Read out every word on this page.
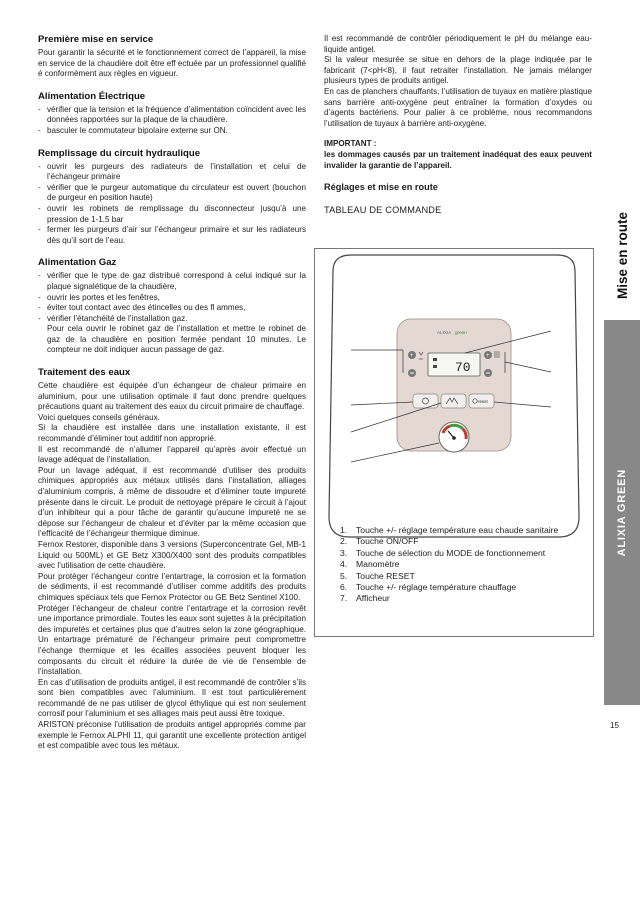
Première mise en service

Pour garantir la sécurité et le fonctionnement correct de l’appareil, la mise en service de la chaudière doit être eff ectuée par un professionnel qualifié é conformément aux règles en vigueur.

Alimentation Électrique
- vérifier que la tension et la fréquence d’alimentation coïncident avec les données rapportées sur la plaque de la chaudière.
- basculer le commutateur bipolaire externe sur ON.
Remplissage du circuit hydraulique
- ouvrir les purgeurs des radiateurs de l’installation et celui de l’échangeur primaire
- vérifier que le purgeur automatique du circulateur est ouvert (bouchon de purgeur en position haute)
- ouvrir les robinets de remplissage du disconnecteur jusqu’à une pression de 1-1,5 bar
- fermer les purgeurs d’air sur l’échangeur primaire et sur les radiateurs dès qu’il sort de l’eau.
Alimentation Gaz
- vérifier que le type de gaz distribué correspond à celui indiqué sur la plaque signalétique de la chaudière,
- ouvrir les portes et les fenêtres,
- éviter tout contact avec des étincelles ou des fl ammes,
- vérifier l’étanchéité de l’installation gaz.
Pour cela ouvrir le robinet gaz de l’installation et mettre le robinet de gaz de la chaudière en position fermée pendant 10 minutes. Le compteur ne doit indiquer aucun passage de gaz.
Traitement des eaux

Cette chaudière est équipée d’un échangeur de chaleur primaire en aluminium, pour une utilisation optimale il faut donc prendre quelques précautions quant au traitement des eaux du circuit primaire de chauffage.

Voici quelques conseils généraux.

Si la chaudière est installée dans une installation existante, il est recommandé d’éliminer tout additif non approprié.

Il est recommandé de n’allumer l’appareil qu’après avoir effectué un lavage adéquat de l’installation.

Pour un lavage adéquat, il est recommandé d’utiliser des produits chimiques appropriés aux métaux utilisés dans l’installation, alliages d’aluminium compris, à même de dissoudre et d’éliminer toute impureté présente dans le circuit. Le produit de nettoyage prépare le circuit à l’ajout d’un inhibiteur qui a pour tâche de garantir qu’aucune impureté ne se dépose sur l’échangeur de chaleur et d’éviter par la même occasion que l’efficacité de l’échangeur thermique diminue.

Fernox Restorer, disponible dans 3 versions (Superconcentrate Gel, MB-1 Liquid ou 500ML) et GE Betz X300/X400 sont des produits compatibles avec l’utilisation de cette chaudière.

Pour protéger l’échangeur contre l’entartrage, la corrosion et la formation de sédiments, il est recommandé d’utiliser comme additifs des produits chimiques spéciaux tels que Fernox Protector ou GE Betz Sentinel X100.

Protéger l’échangeur de chaleur contre l’entartrage et la corrosion revêt une importance primordiale. Toutes les eaux sont sujettes à la précipitation des impuretés et certaines plus que d’autres selon la zone géographique. Un entartrage prématuré de l’échangeur primaire peut compromettre l’échange thermique et les écailles associées peuvent bloquer les composants du circuit et réduire la durée de vie de l’ensemble de l’installation.

En cas d’utilisation de produits antigel, il est recommandé de contrôler s’ils sont bien compatibles avec l’aluminium. Il est tout particulièrement recommandé de ne pas utiliser de glycol éthylique qui est non seulement corrosif pour l’aluminium et ses alliages mais peut aussi être toxique.

ARISTON préconise l’utilisation de produits antigel appropriés comme par exemple le Fernox ALPHI 11, qui garantit une excellente protection antigel et est compatible avec tous les métaux.

Il est recommandé de contrôler périodiquement le pH du mélange eau-liquide antigel.

Si la valeur mesurée se situe en dehors de la plage indiquée par le fabricant (7<pH<8), il faut retraiter l’installation. Ne jamais mélanger plusieurs types de produits antigel.

En cas de planchers chauffants, l’utilisation de tuyaux en matière plastique sans barrière anti-oxygène peut entraîner la formation d’oxydes ou d’agents bactériens. Pour palier à ce problème, nous recommandons l’utilisation de tuyaux à barrière anti-oxygène.

IMPORTANT :

les dommages causés par un traitement inadéquat des eaux peuvent invalider la garantie de l’appareil.

Réglages et mise en route
TABLEAU DE COMMANDE
ALIXIA green
70
+	+
reset
1. Touche +/- réglage température eau chaude sanitaire
2. Touche ON/OFF
3. Touche de sélection du MODE de fonctionnement
4. Manomètre
5. Touche RESET
6. Touche +/- réglage température chauffage
7. Afficheur
Mise en route
ALIXIA GREEN
15
